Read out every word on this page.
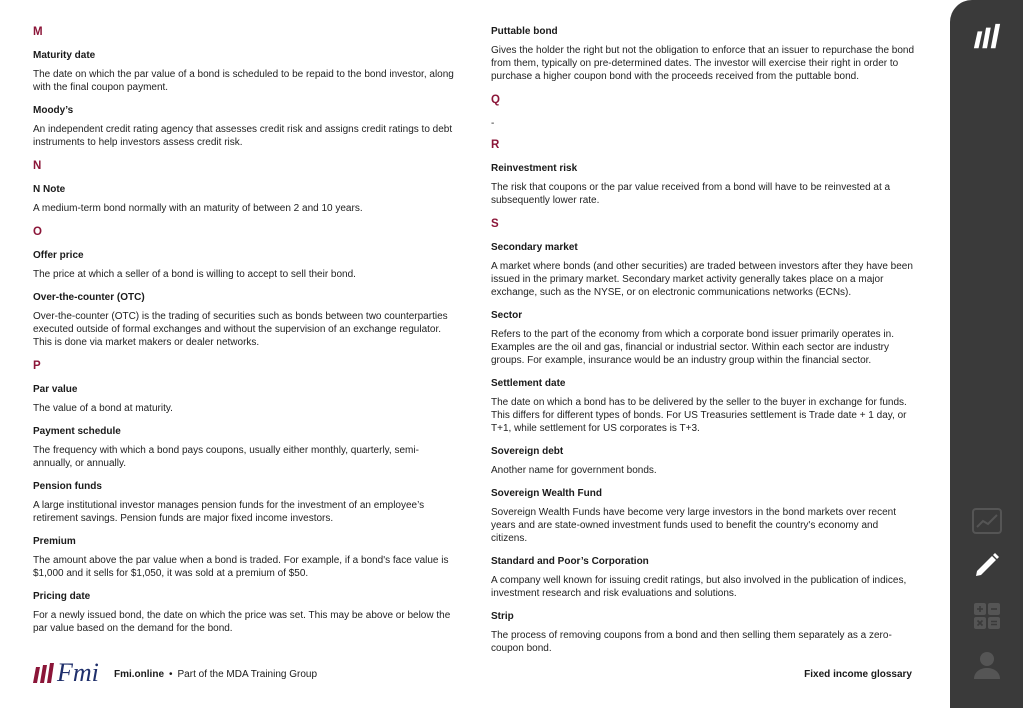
M
Maturity date
The date on which the par value of a bond is scheduled to be repaid to the bond investor, along with the final coupon payment.
Moody’s
An independent credit rating agency that assesses credit risk and assigns credit ratings to debt instruments to help investors assess credit risk.
N
N Note
A medium-term bond normally with an maturity of between 2 and 10 years.
O
Offer price
The price at which a seller of a bond is willing to accept to sell their bond.
Over-the-counter (OTC)
Over-the-counter (OTC) is the trading of securities such as bonds between two counterparties executed outside of formal exchanges and without the supervision of an exchange regulator. This is done via market makers or dealer networks.
P
Par value
The value of a bond at maturity.
Payment schedule
The frequency with which a bond pays coupons, usually either monthly, quarterly, semi-annually, or annually.
Pension funds
A large institutional investor manages pension funds for the investment of an employee’s retirement savings. Pension funds are major fixed income investors.
Premium
The amount above the par value when a bond is traded. For example, if a bond's face value is $1,000 and it sells for $1,050, it was sold at a premium of $50.
Pricing date
For a newly issued bond, the date on which the price was set. This may be above or below the par value based on the demand for the bond.
Puttable bond
Gives the holder the right but not the obligation to enforce that an issuer to repurchase the bond from them, typically on pre-determined dates. The investor will exercise their right in order to purchase a higher coupon bond with the proceeds received from the puttable bond.
Q
-
R
Reinvestment risk
The risk that coupons or the par value received from a bond will have to be reinvested at a subsequently lower rate.
S
Secondary market
A market where bonds (and other securities) are traded between investors after they have been issued in the primary market. Secondary market activity generally takes place on a major exchange, such as the NYSE, or on electronic communications networks (ECNs).
Sector
Refers to the part of the economy from which a corporate bond issuer primarily operates in. Examples are the oil and gas, financial or industrial sector. Within each sector are industry groups. For example, insurance would be an industry group within the financial sector.
Settlement date
The date on which a bond has to be delivered by the seller to the buyer in exchange for funds. This differs for different types of bonds. For US Treasuries settlement is Trade date + 1 day, or T+1, while settlement for US corporates is T+3.
Sovereign debt
Another name for government bonds.
Sovereign Wealth Fund
Sovereign Wealth Funds have become very large investors in the bond markets over recent years and are state-owned investment funds used to benefit the country's economy and citizens.
Standard and Poor’s Corporation
A company well known for issuing credit ratings, but also involved in the publication of indices, investment research and risk evaluations and solutions.
Strip
The process of removing coupons from a bond and then selling them separately as a zero-coupon bond.
Fmi Fmi.online • Part of the MDA Training Group	Fixed income glossary
